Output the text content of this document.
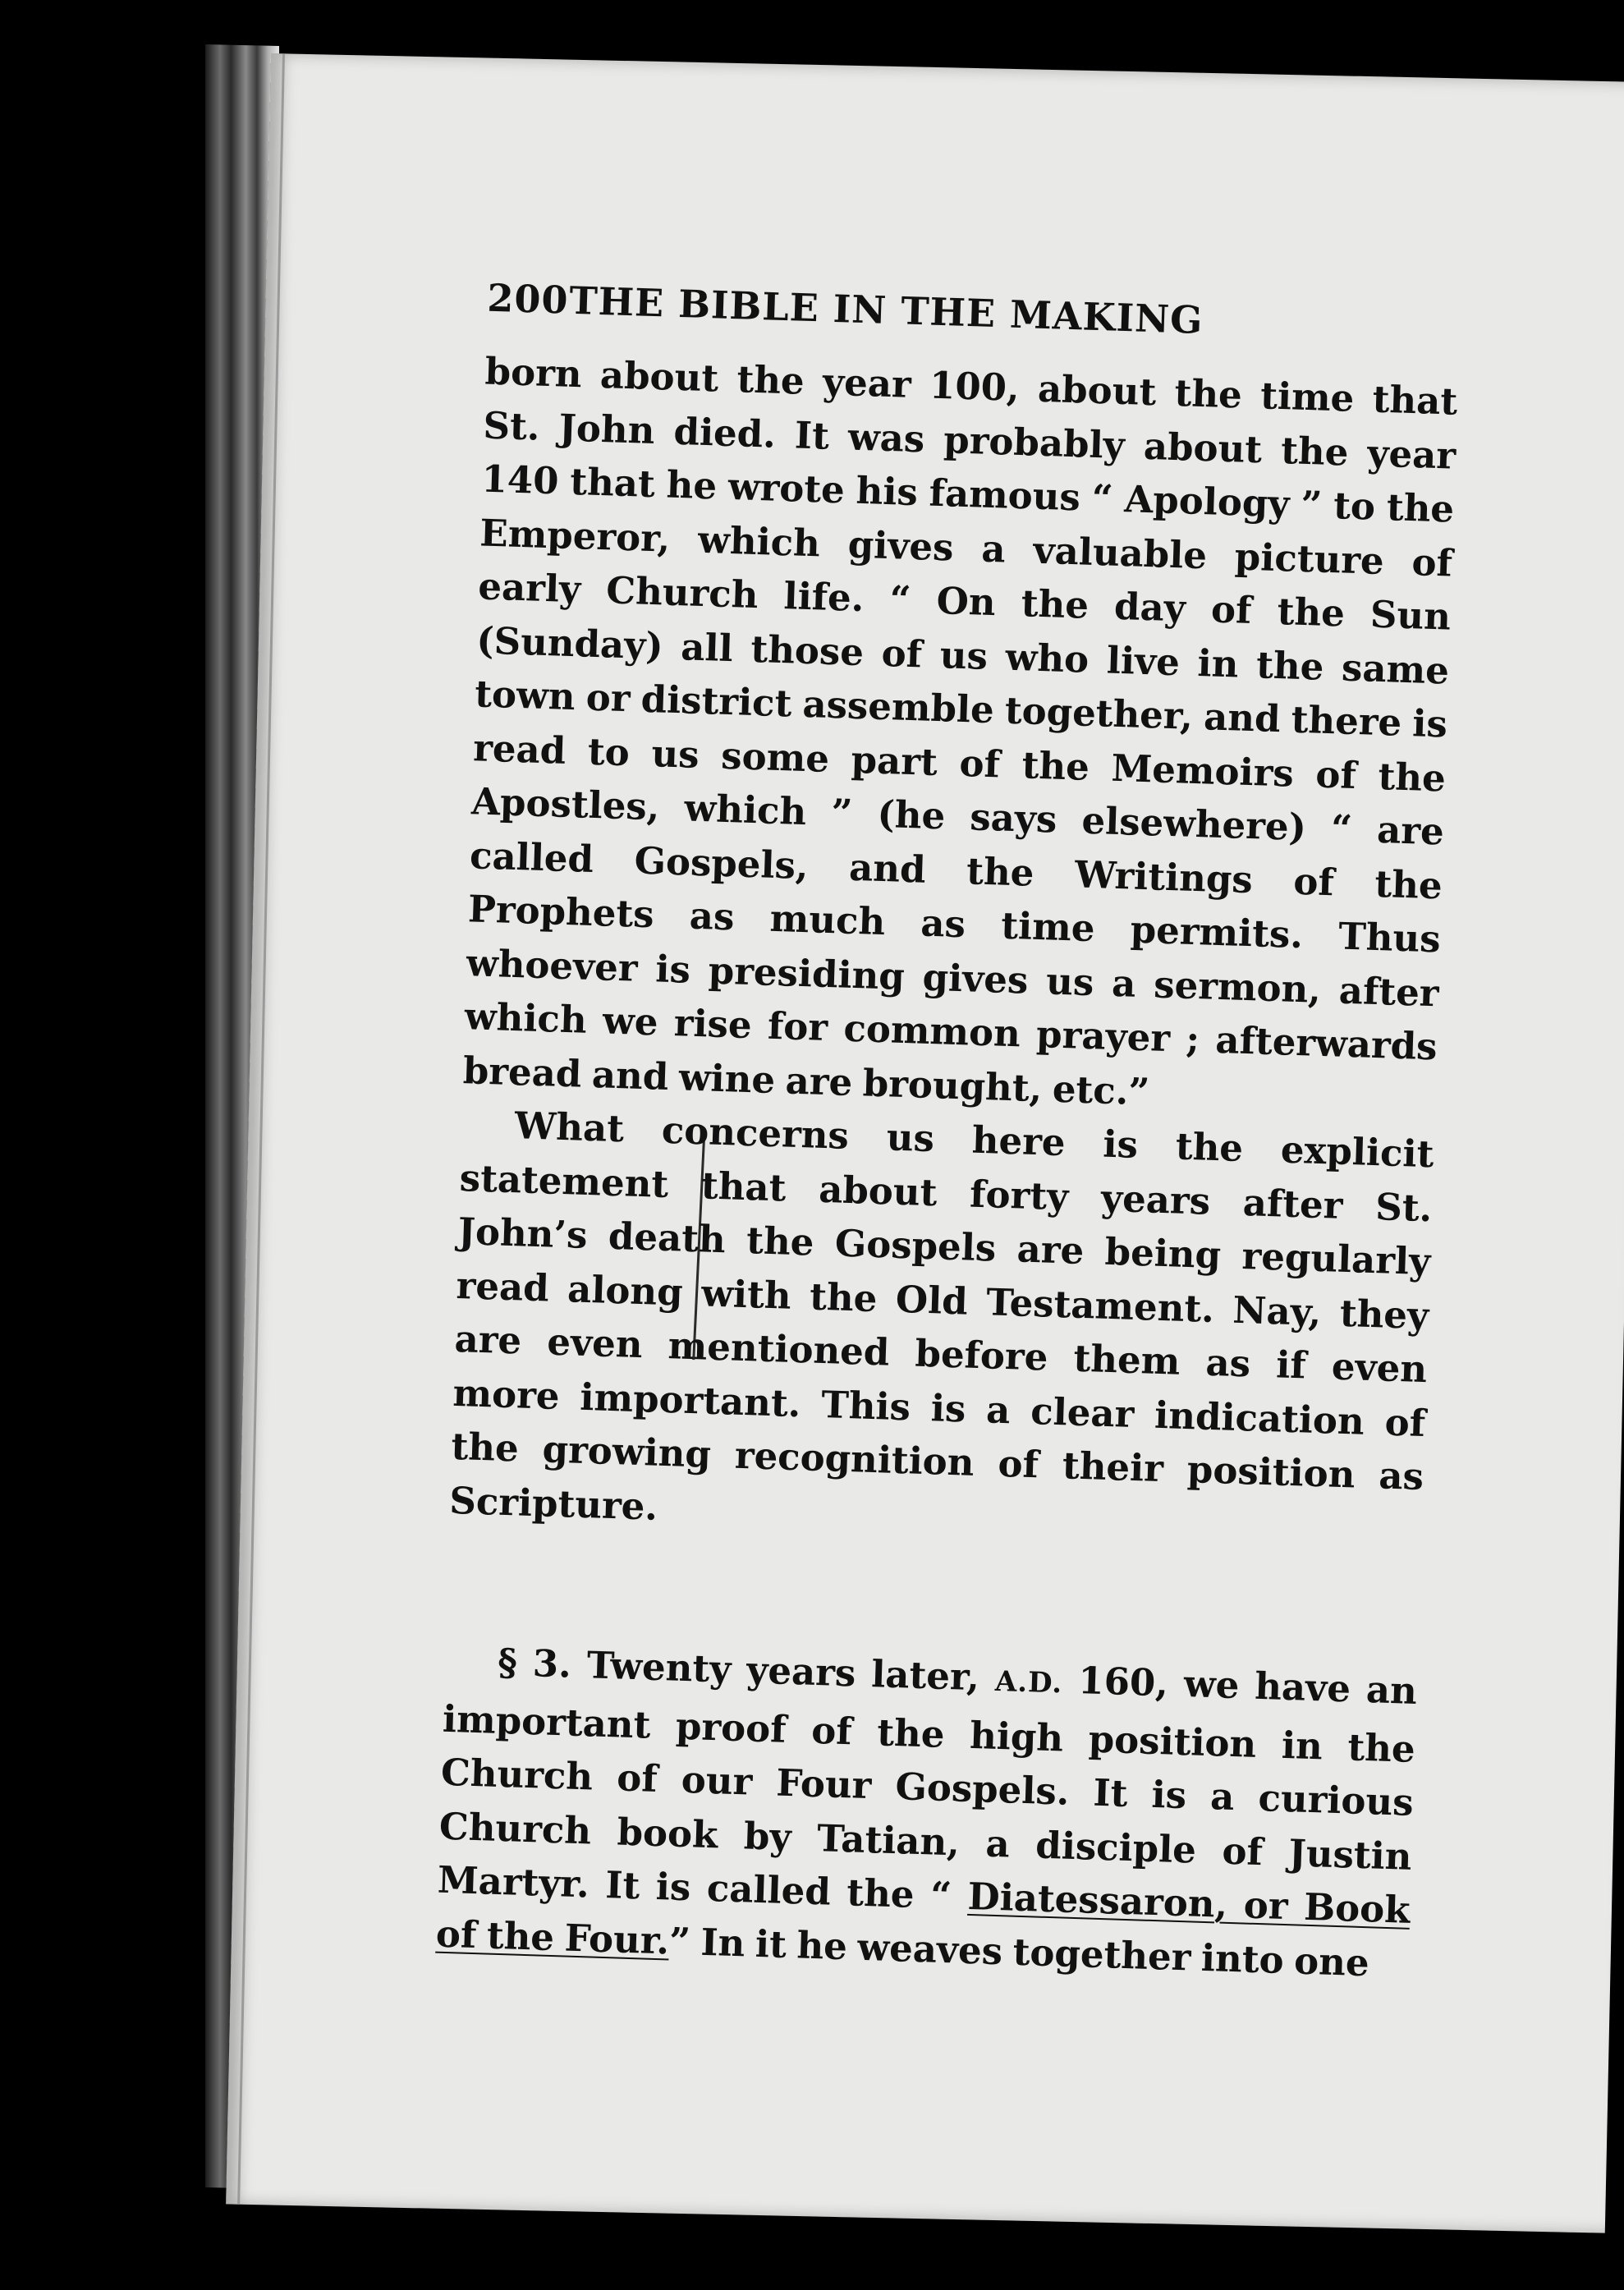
200 THE BIBLE IN THE MAKING

born about the year 100, about the time that St. John died. It was probably about the year 140 that he wrote his famous “ Apology ” to the Emperor, which gives a valuable picture of early Church life. “ On the day of the Sun (Sunday) all those of us who live in the same town or district assemble together, and there is read to us some part of the Memoirs of the Apostles, which ” (he says elsewhere) “ are called Gospels, and the Writings of the Prophets as much as time permits. Thus whoever is presiding gives us a sermon, after which we rise for common prayer ; afterwards bread and wine are brought, etc.”

What concerns us here is the explicit statement that about forty years after St. John’s death the Gospels are being regularly read along with the Old Testament. Nay, they are even mentioned before them as if even more important. This is a clear indication of the growing recognition of their position as Scripture.

§ 3. Twenty years later, A.D. 160, we have an important proof of the high position in the Church of our Four Gospels. It is a curious Church book by Tatian, a disciple of Justin Martyr. It is called the “ Diatessaron, or Book of the Four.” In it he weaves together into one
